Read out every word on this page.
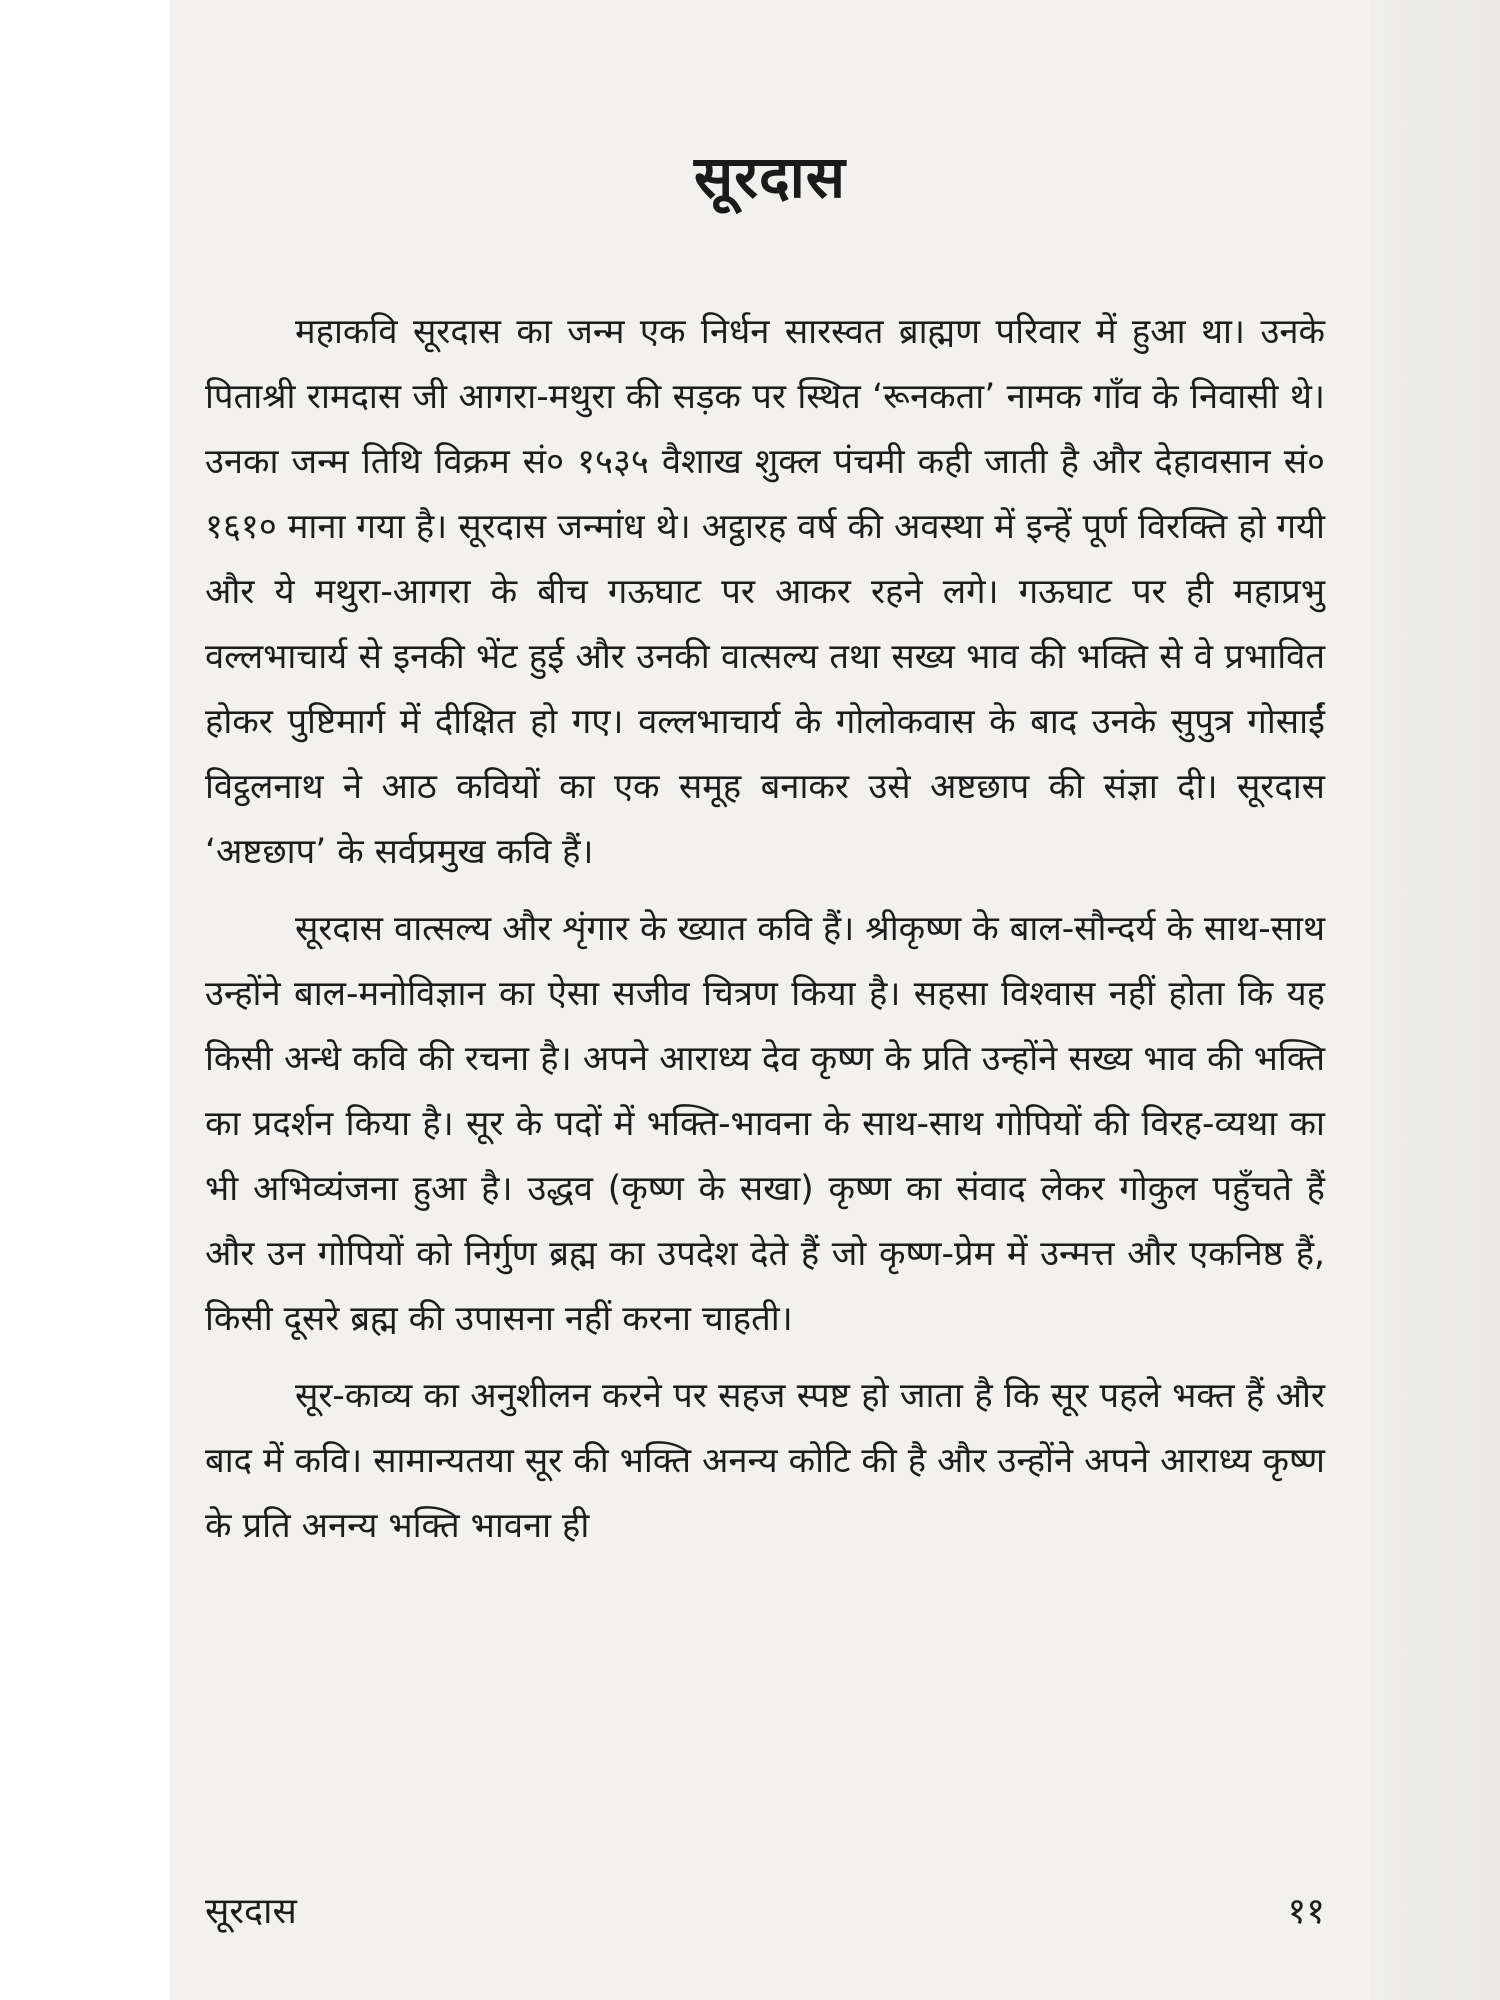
सूरदास

महाकवि सूरदास का जन्म एक निर्धन सारस्वत ब्राह्मण परिवार में हुआ था। उनके पिताश्री रामदास जी आगरा-मथुरा की सड़क पर स्थित ‘रूनकता’ नामक गाँव के निवासी थे। उनका जन्म तिथि विक्रम सं० १५३५ वैशाख शुक्ल पंचमी कही जाती है और देहावसान सं० १६१० माना गया है। सूरदास जन्मांध थे। अट्ठारह वर्ष की अवस्था में इन्हें पूर्ण विरक्ति हो गयी और ये मथुरा-आगरा के बीच गऊघाट पर आकर रहने लगे। गऊघाट पर ही महाप्रभु वल्लभाचार्य से इनकी भेंट हुई और उनकी वात्सल्य तथा सख्य भाव की भक्ति से वे प्रभावित होकर पुष्टिमार्ग में दीक्षित हो गए। वल्लभाचार्य के गोलोकवास के बाद उनके सुपुत्र गोसाईं विट्ठलनाथ ने आठ कवियों का एक समूह बनाकर उसे अष्टछाप की संज्ञा दी। सूरदास ‘अष्टछाप’ के सर्वप्रमुख कवि हैं।

सूरदास वात्सल्य और शृंगार के ख्यात कवि हैं। श्रीकृष्ण के बाल-सौन्दर्य के साथ-साथ उन्होंने बाल-मनोविज्ञान का ऐसा सजीव चित्रण किया है। सहसा विश्वास नहीं होता कि यह किसी अन्धे कवि की रचना है। अपने आराध्य देव कृष्ण के प्रति उन्होंने सख्य भाव की भक्ति का प्रदर्शन किया है। सूर के पदों में भक्ति-भावना के साथ-साथ गोपियों की विरह-व्यथा का भी अभिव्यंजना हुआ है। उद्धव (कृष्ण के सखा) कृष्ण का संवाद लेकर गोकुल पहुँचते हैं और उन गोपियों को निर्गुण ब्रह्म का उपदेश देते हैं जो कृष्ण-प्रेम में उन्मत्त और एकनिष्ठ हैं, किसी दूसरे ब्रह्म की उपासना नहीं करना चाहती।

सूर-काव्य का अनुशीलन करने पर सहज स्पष्ट हो जाता है कि सूर पहले भक्त हैं और बाद में कवि। सामान्यतया सूर की भक्ति अनन्य कोटि की है और उन्होंने अपने आराध्य कृष्ण के प्रति अनन्य भक्ति भावना ही

सूरदास	११
